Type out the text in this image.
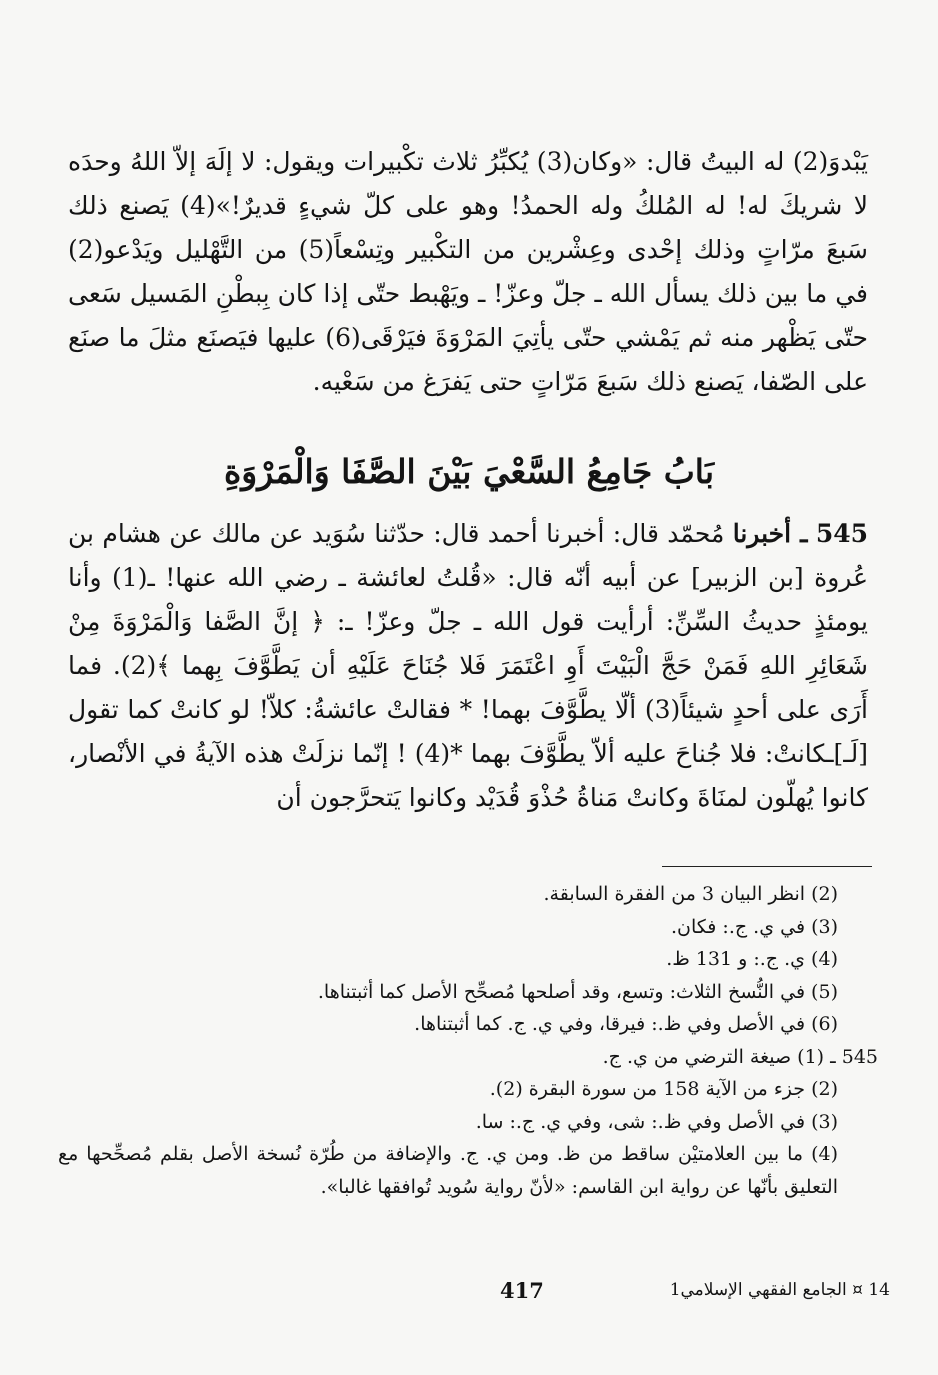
يَبْدوَ(2) له البيتُ قال: «وكان(3) يُكبِّرُ ثلاث تكْبيرات ويقول: لا إلَهَ إلاّ اللهُ وحدَه لا شريكَ له! له المُلكُ وله الحمدُ! وهو على كلّ شيءٍ قديرٌ!»(4) يَصنع ذلك سَبعَ مرّاتٍ وذلك إحْدى وعِشْرين من التكْبير وتِسْعاً(5) من التَّهْليل ويَدْعو(2) في ما بين ذلك يسأل الله ـ جلّ وعزّ! ـ ويَهْبط حتّى إذا كان بِبطْنِ المَسيل سَعى حتّى يَظْهر منه ثم يَمْشي حتّى يأتِيَ المَرْوَةَ فيَرْقَى(6) عليها فيَصنَع مثلَ ما صنَع على الصّفا، يَصنع ذلك سَبعَ مَرّاتٍ حتى يَفرَغ من سَعْيه.

بَابُ جَامِعُ السَّعْيَ بَيْنَ الصَّفَا وَالْمَرْوَةِ

545 ـ أخبرنا مُحمّد قال: أخبرنا أحمد قال: حدّثنا سُوَيد عن مالك عن هشام بن عُروة [بن الزبير] عن أبيه أنّه قال: «قُلتُ لعائشة ـ رضي الله عنها! ـ(1) وأنا يومئذٍ حديثُ السِّنِّ: أرأيت قول الله ـ جلّ وعزّ! ـ: ﴿ إنَّ الصَّفا وَالْمَرْوَةَ مِنْ شَعَائِرِ اللهِ فَمَنْ حَجَّ الْبَيْتَ أَوِ اعْتَمَرَ فَلا جُنَاحَ عَلَيْهِ أن يَطَّوَّفَ بِهما ﴾(2). فما أَرَى على أحدٍ شيئاً(3) ألّا يطَّوَّفَ بهما! * فقالتْ عائشةُ: كلاّ! لو كانتْ كما تقول [لَـ]ـكانتْ: فلا جُناحَ عليه ألاّ يطَّوَّفَ بهما *(4) ! إنّما نزلَتْ هذه الآيةُ في الأنْصار، كانوا يُهلّون لمنَاةَ وكانتْ مَناةُ حُذْوَ قُدَيْد وكانوا يَتحرَّجون أن

(2) انظر البيان 3 من الفقرة السابقة.
(3) في ي. ج.: فكان.
(4) ي. ج.: و 131 ظ.
(5) في النُّسخ الثلاث: وتسع، وقد أصلحها مُصحِّح الأصل كما أثبتناها.
(6) في الأصل وفي ظ.: فيرقا، وفي ي. ج. كما أثبتناها.
545 ـ (1) صيغة الترضي من ي. ج.
(2) جزء من الآية 158 من سورة البقرة (2).
(3) في الأصل وفي ظ.: شى، وفي ي. ج.: سا.
(4) ما بين العلامتيْن ساقط من ظ. ومن ي. ج. والإضافة من طُرّة نُسخة الأصل بقلم مُصحِّحها مع التعليق بأنّها عن رواية ابن القاسم: «لأنّ رواية سُويد تُوافقها غالبا».
417	14 ¤ الجامع الفقهي الإسلامي1
